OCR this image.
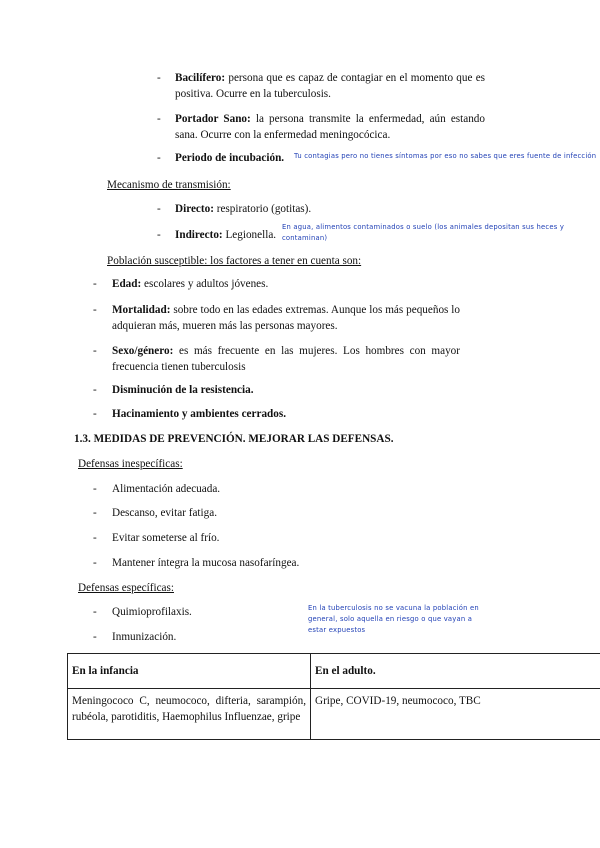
- Bacilífero: persona que es capaz de contagiar en el momento que es positiva. Ocurre en la tuberculosis.
- Portador Sano: la persona transmite la enfermedad, aún estando sana. Ocurre con la enfermedad meningocócica.
- Periodo de incubación. Tu contagias pero no tienes síntomas por eso no sabes que eres fuente de infección
Mecanismo de transmisión:
- Directo: respiratorio (gotitas).
- Indirecto: Legionella.
En agua, alimentos contaminados o suelo (los animales depositan sus heces y
contaminan)
Población susceptible: los factores a tener en cuenta son:
- Edad: escolares y adultos jóvenes.
- Mortalidad: sobre todo en las edades extremas. Aunque los más pequeños lo adquieran más, mueren más las personas mayores.
- Sexo/género: es más frecuente en las mujeres. Los hombres con mayor frecuencia tienen tuberculosis
- Disminución de la resistencia.
- Hacinamiento y ambientes cerrados.
1.3. MEDIDAS DE PREVENCIÓN. MEJORAR LAS DEFENSAS.
Defensas inespecíficas:
- Alimentación adecuada.
- Descanso, evitar fatiga.
- Evitar someterse al frío.
- Mantener íntegra la mucosa nasofaríngea.
Defensas específicas:
- Quimioprofilaxis.
- Inmunización.
En la tuberculosis no se vacuna la población en
general, solo aquella en riesgo o que vayan a
estar expuestos
En la infancia	En el adulto.
Meningococo C, neumococo, difteria, sarampión, rubéola, parotiditis, Haemophilus Influenzae, gripe	Gripe, COVID-19, neumococo, TBC
